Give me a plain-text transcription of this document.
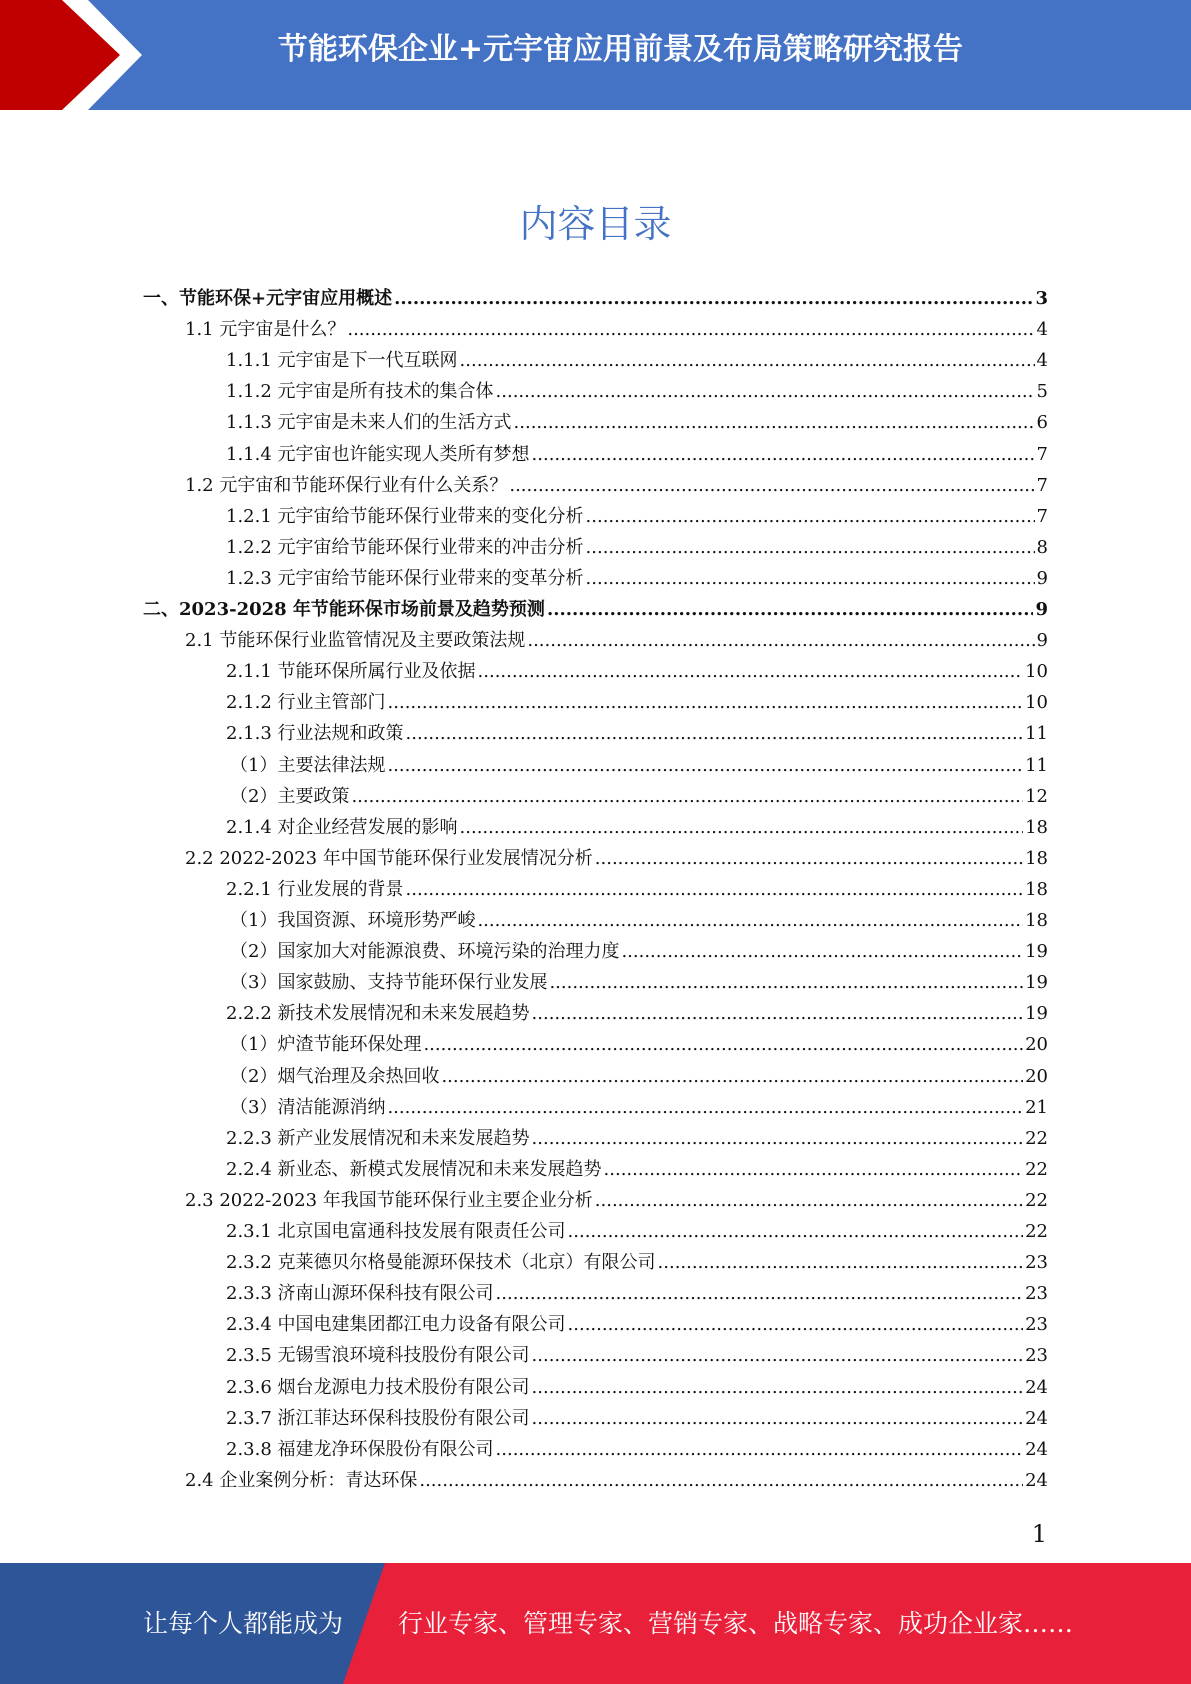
节能环保企业+元宇宙应用前景及布局策略研究报告
内容目录
一、节能环保+元宇宙应用概述 .....	3
1.1 元宇宙是什么？ .....	4
1.1.1 元宇宙是下一代互联网 .....	4
1.1.2 元宇宙是所有技术的集合体 .....	5
1.1.3 元宇宙是未来人们的生活方式 .....	6
1.1.4 元宇宙也许能实现人类所有梦想 .....	7
1.2 元宇宙和节能环保行业有什么关系？ .....	7
1.2.1 元宇宙给节能环保行业带来的变化分析 .....	7
1.2.2 元宇宙给节能环保行业带来的冲击分析 .....	8
1.2.3 元宇宙给节能环保行业带来的变革分析 .....	9
二、2023-2028 年节能环保市场前景及趋势预测 .....	9
2.1 节能环保行业监管情况及主要政策法规 .....	9
2.1.1 节能环保所属行业及依据 .....	10
2.1.2 行业主管部门 .....	10
2.1.3 行业法规和政策 .....	11
（1）主要法律法规 .....	11
（2）主要政策 .....	12
2.1.4 对企业经营发展的影响 .....	18
2.2 2022-2023 年中国节能环保行业发展情况分析 .....	18
2.2.1 行业发展的背景 .....	18
（1）我国资源、环境形势严峻 .....	18
（2）国家加大对能源浪费、环境污染的治理力度 .....	19
（3）国家鼓励、支持节能环保行业发展 .....	19
2.2.2 新技术发展情况和未来发展趋势 .....	19
（1）炉渣节能环保处理 .....	20
（2）烟气治理及余热回收 .....	20
（3）清洁能源消纳 .....	21
2.2.3 新产业发展情况和未来发展趋势 .....	22
2.2.4 新业态、新模式发展情况和未来发展趋势 .....	22
2.3 2022-2023 年我国节能环保行业主要企业分析 .....	22
2.3.1 北京国电富通科技发展有限责任公司 .....	22
2.3.2 克莱德贝尔格曼能源环保技术（北京）有限公司 .....	23
2.3.3 济南山源环保科技有限公司 .....	23
2.3.4 中国电建集团都江电力设备有限公司 .....	23
2.3.5 无锡雪浪环境科技股份有限公司 .....	23
2.3.6 烟台龙源电力技术股份有限公司 .....	24
2.3.7 浙江菲达环保科技股份有限公司 .....	24
2.3.8 福建龙净环保股份有限公司 .....	24
2.4 企业案例分析：青达环保 .....	24
1
让每个人都能成为 行业专家、管理专家、营销专家、战略专家、成功企业家……
